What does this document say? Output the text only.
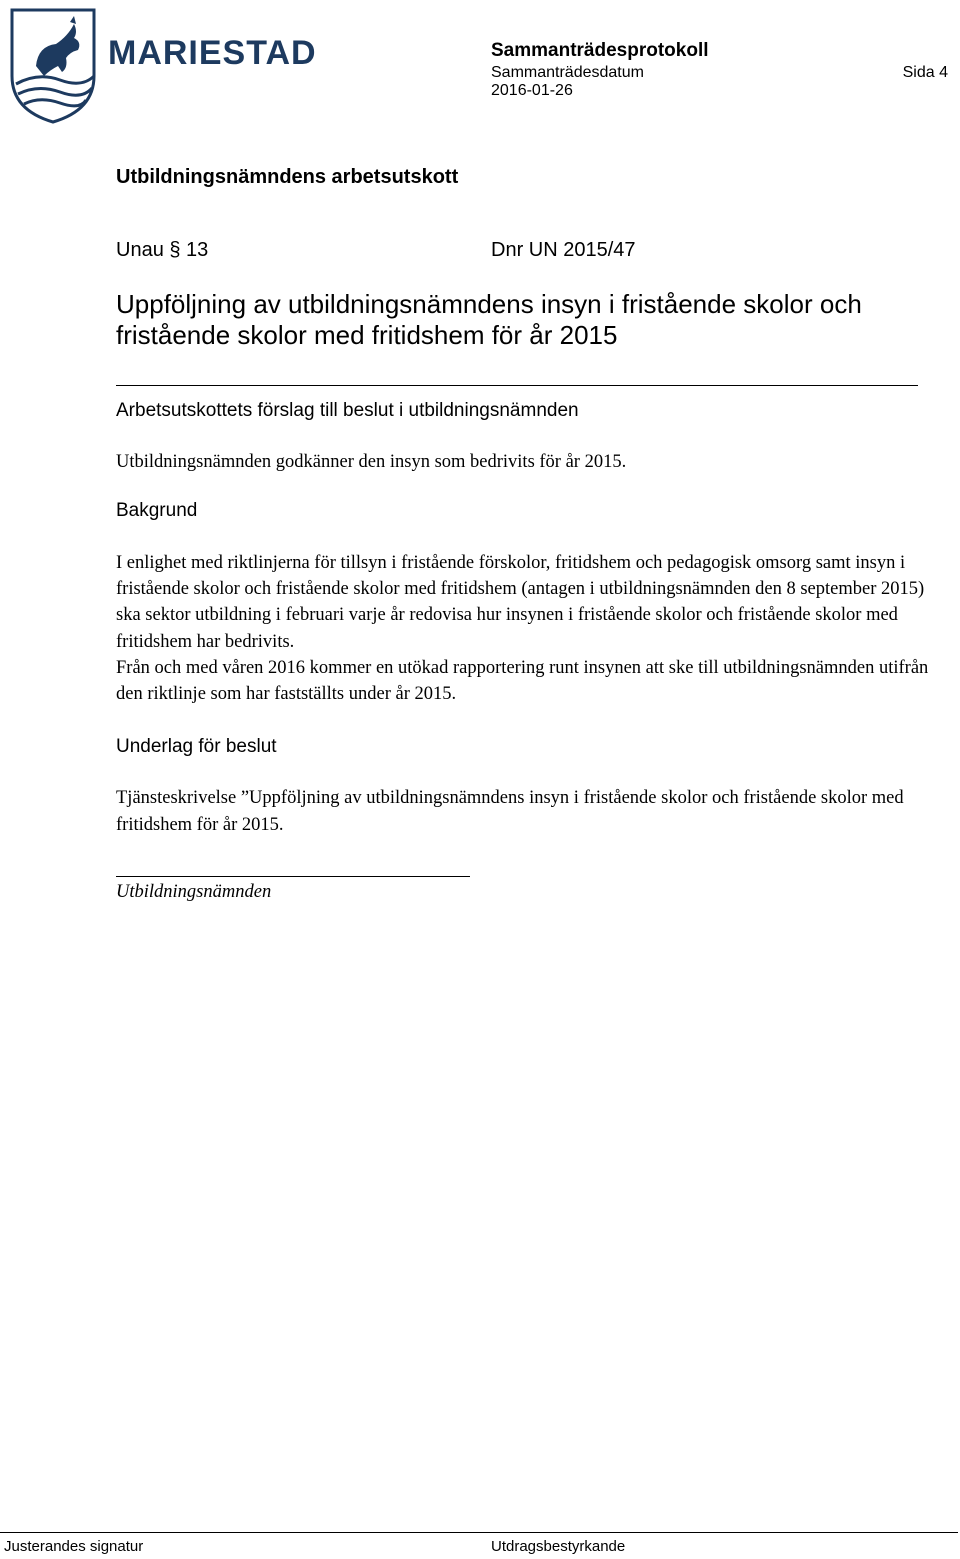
MARIESTAD	Sammanträdesprotokoll
Sammanträdesdatum
2016-01-26
Sida 4
Utbildningsnämndens arbetsutskott
Unau § 13	Dnr UN 2015/47
Uppföljning av utbildningsnämndens insyn i fristående skolor och fristående skolor med fritidshem för år 2015
Arbetsutskottets förslag till beslut i utbildningsnämnden
Utbildningsnämnden godkänner den insyn som bedrivits för år 2015.
Bakgrund

I enlighet med riktlinjerna för tillsyn i fristående förskolor, fritidshem och pedagogisk omsorg samt insyn i fristående skolor och fristående skolor med fritidshem (antagen i utbildningsnämnden den 8 september 2015) ska sektor utbildning i februari varje år redovisa hur insynen i fristående skolor och fristående skolor med fritidshem har bedrivits.

Från och med våren 2016 kommer en utökad rapportering runt insynen att ske till utbildningsnämnden utifrån den riktlinje som har fastställts under år 2015.

Underlag för beslut
Tjänsteskrivelse ”Uppföljning av utbildningsnämndens insyn i fristående skolor och fristående skolor med fritidshem för år 2015.
Utbildningsnämnden
Justerandes signatur	Utdragsbestyrkande
